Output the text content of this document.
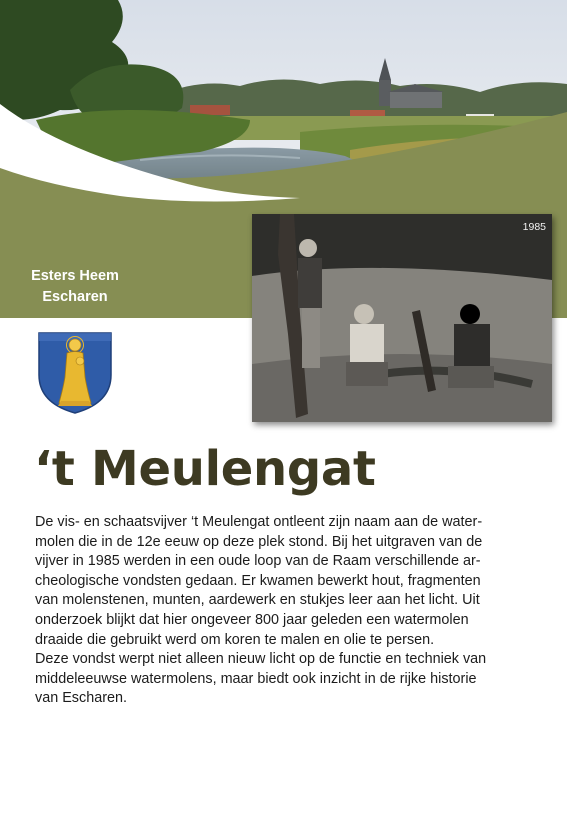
Esters Heem
Escharen
1985
‘t Meulengat

De vis- en schaatsvijver ‘t Meulengat ontleent zijn naam aan de water-
molen die in de 12e eeuw op deze plek stond. Bij het uitgraven van de
vijver in 1985 werden in een oude loop van de Raam verschillende ar-
cheologische vondsten gedaan. Er kwamen bewerkt hout, fragmenten
van molenstenen, munten, aardewerk en stukjes leer aan het licht. Uit
onderzoek blijkt dat hier ongeveer 800 jaar geleden een watermolen
draaide die gebruikt werd om koren te malen en olie te persen.

Deze vondst werpt niet alleen nieuw licht op de functie en techniek van
middeleeuwse watermolens, maar biedt ook inzicht in de rijke historie
van Escharen.
